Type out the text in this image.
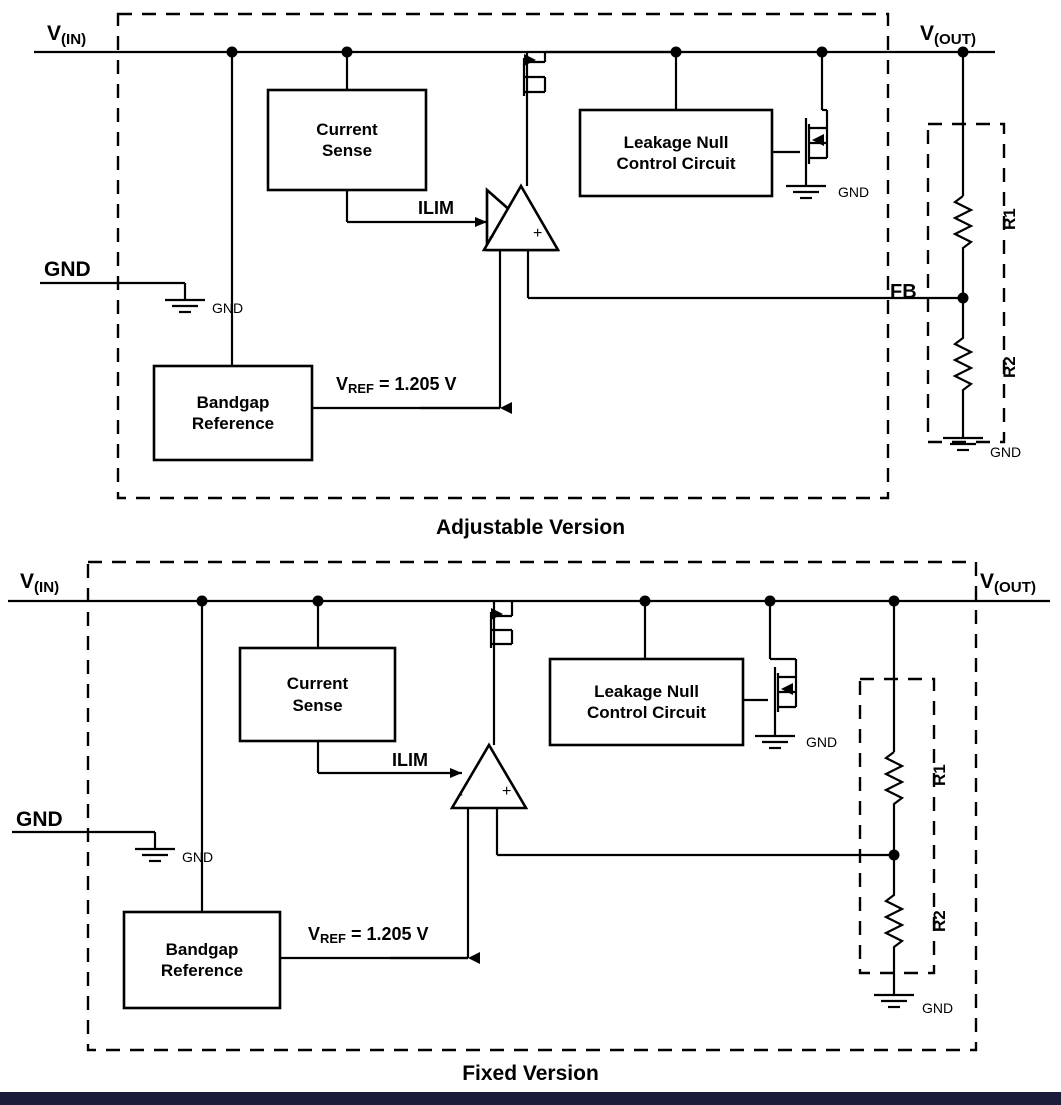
$V_{(IN)}$	$V_{(OUT)}$
GND
GND
GND
GND
Current
Sense	Leakage Null
Control Circuit
Bandgap
Reference
ILIM
$V_{REF} = 1.205$ V
FB
- +
R1
R2
Adjustable Version
$V_{(IN)}$	$V_{(OUT)}$
GND
GND
GND
GND
Current
Sense
Leakage Null
Control Circuit
Bandgap
Reference
ILIM
$V_{REF} = 1.205$ V
- +
R1
R2
Fixed Version
